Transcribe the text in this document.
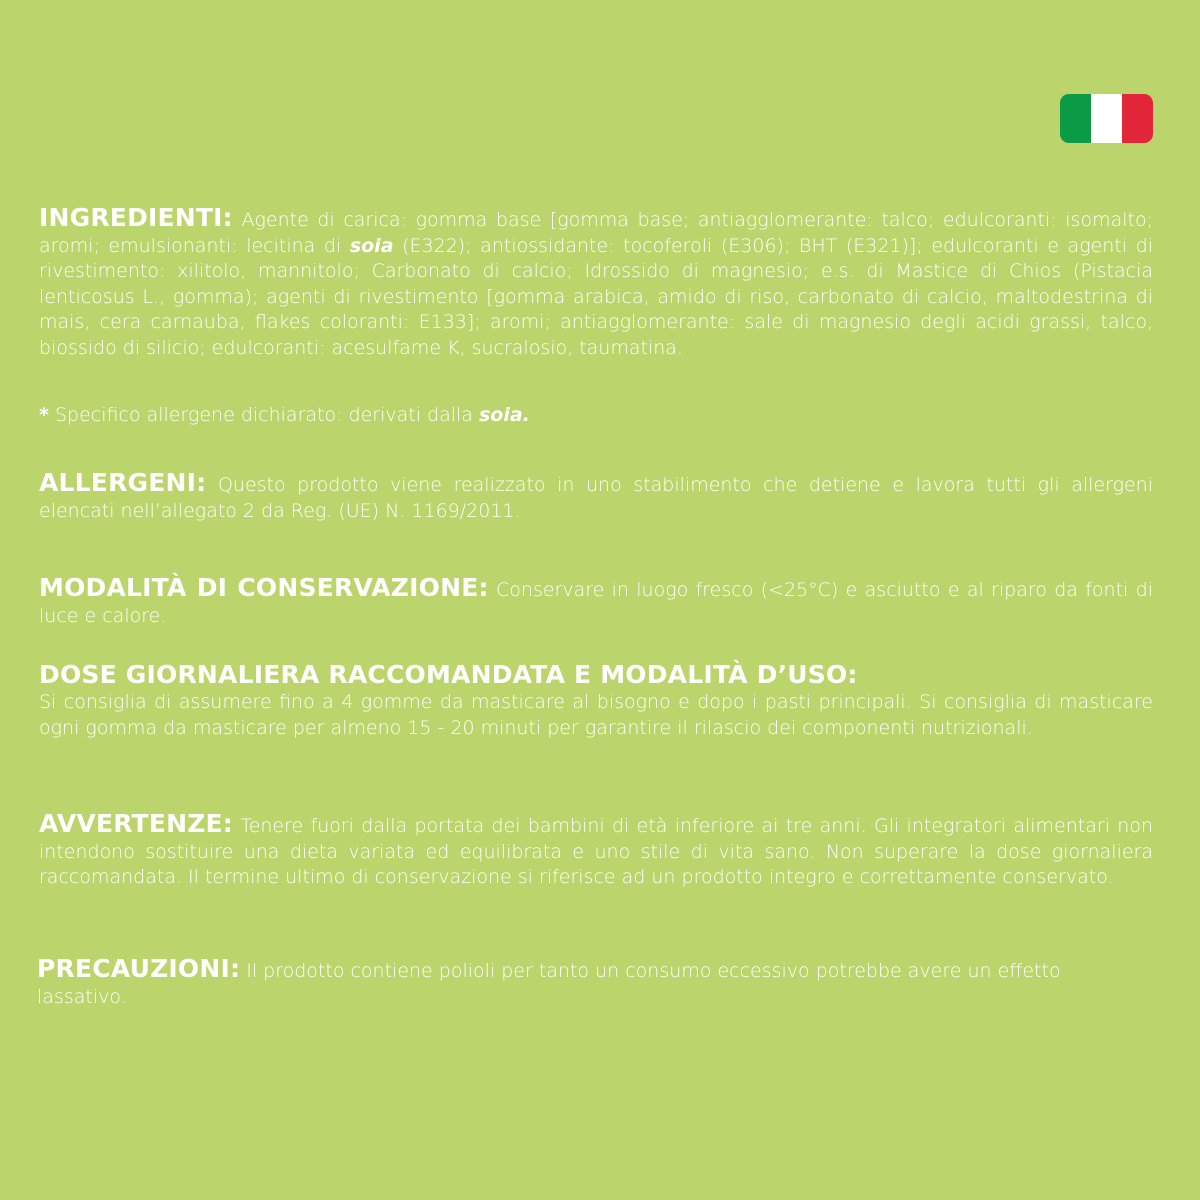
INGREDIENTI: Agente di carica: gomma base [gomma base; antiagglomerante: talco; edulcoranti: isomalto; aromi; emulsionanti: lecitina di soia (E322); antiossidante: tocoferoli (E306); BHT (E321)]; edulcoranti e agenti di rivestimento: xilitolo, mannitolo; Carbonato di calcio; Idrossido di magnesio; e.s. di Mastice di Chios (Pistacia lenticosus L., gomma); agenti di rivestimento [gomma arabica, amido di riso, carbonato di calcio, maltodestrina di mais, cera carnauba, flakes coloranti: E133]; aromi; antiagglomerante: sale di magnesio degli acidi grassi, talco, biossido di silicio; edulcoranti: acesulfame K, sucralosio, taumatina.

* Specifico allergene dichiarato: derivati dalla soia.

ALLERGENI: Questo prodotto viene realizzato in uno stabilimento che detiene e lavora tutti gli allergeni elencati nell’allegato 2 da Reg. (UE) N. 1169/2011.

MODALITÀ DI CONSERVAZIONE: Conservare in luogo fresco (<25°C) e asciutto e al riparo da fonti di luce e calore.

DOSE GIORNALIERA RACCOMANDATA E MODALITÀ D’USO:
Si consiglia di assumere fino a 4 gomme da masticare al bisogno e dopo i pasti principali. Si consiglia di masticare ogni gomma da masticare per almeno 15 - 20 minuti per garantire il rilascio dei componenti nutrizionali.

AVVERTENZE: Tenere fuori dalla portata dei bambini di età inferiore ai tre anni. Gli integratori alimentari non intendono sostituire una dieta variata ed equilibrata e uno stile di vita sano. Non superare la dose giornaliera raccomandata. Il termine ultimo di conservazione si riferisce ad un prodotto integro e correttamente conservato.

PRECAUZIONI: Il prodotto contiene polioli per tanto un consumo eccessivo potrebbe avere un effetto lassativo.
